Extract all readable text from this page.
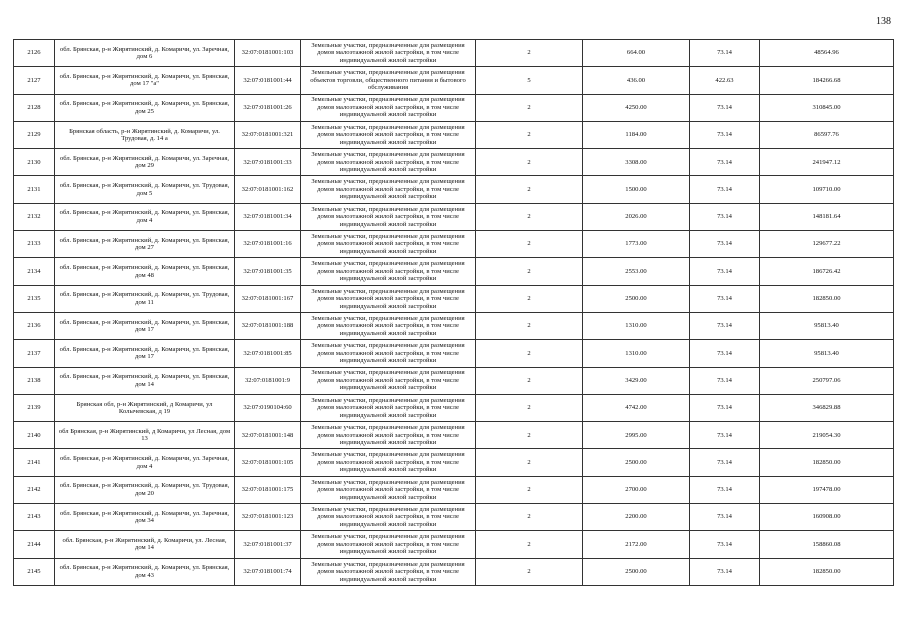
138
2126	обл. Брянская, р-н Жирятинский, д. Комаричи, ул. Заречная, дом 6	32:07:0181001:103	Земельные участки, предназначенные для размещения домов малоэтажной жилой застройки, в том числе индивидуальной жилой застройки	2	664.00	73.14	48564.96
2127	обл. Брянская, р-н Жирятинский, д. Комаричи, ул. Брянская, дом 17 "а"	32:07:0181001:44	Земельные участки, предназначенные для размещения объектов торговли, общественного питания и бытового обслуживания	5	436.00	422.63	184266.68
2128	обл. Брянская, р-н Жирятинский, д. Комаричи, ул. Брянская, дом 25	32:07:0181001:26	Земельные участки, предназначенные для размещения домов малоэтажной жилой застройки, в том числе индивидуальной жилой застройки	2	4250.00	73.14	310845.00
2129	Брянская область, р-н Жирятинский, д. Комаричи, ул. Трудовая, д. 14 а	32:07:0181001:321	Земельные участки, предназначенные для размещения домов малоэтажной жилой застройки, в том числе индивидуальной жилой застройки	2	1184.00	73.14	86597.76
2130	обл. Брянская, р-н Жирятинский, д. Комаричи, ул. Заречная, дом 29	32:07:0181001:33	Земельные участки, предназначенные для размещения домов малоэтажной жилой застройки, в том числе индивидуальной жилой застройки	2	3308.00	73.14	241947.12
2131	обл. Брянская, р-н Жирятинский, д. Комаричи, ул. Трудовая, дом 5	32:07:0181001:162	Земельные участки, предназначенные для размещения домов малоэтажной жилой застройки, в том числе индивидуальной жилой застройки	2	1500.00	73.14	109710.00
2132	обл. Брянская, р-н Жирятинский, д. Комаричи, ул. Брянская, дом 4	32:07:0181001:34	Земельные участки, предназначенные для размещения домов малоэтажной жилой застройки, в том числе индивидуальной жилой застройки	2	2026.00	73.14	148181.64
2133	обл. Брянская, р-н Жирятинский, д. Комаричи, ул. Брянская, дом 27	32:07:0181001:16	Земельные участки, предназначенные для размещения домов малоэтажной жилой застройки, в том числе индивидуальной жилой застройки	2	1773.00	73.14	129677.22
2134	обл. Брянская, р-н Жирятинский, д. Комаричи, ул. Брянская, дом 48	32:07:0181001:35	Земельные участки, предназначенные для размещения домов малоэтажной жилой застройки, в том числе индивидуальной жилой застройки	2	2553.00	73.14	186726.42
2135	обл. Брянская, р-н Жирятинский, д. Комаричи, ул. Трудовая, дом 11	32:07:0181001:167	Земельные участки, предназначенные для размещения домов малоэтажной жилой застройки, в том числе индивидуальной жилой застройки	2	2500.00	73.14	182850.00
2136	обл. Брянская, р-н Жирятинский, д. Комаричи, ул. Брянская, дом 17	32:07:0181001:188	Земельные участки, предназначенные для размещения домов малоэтажной жилой застройки, в том числе индивидуальной жилой застройки	2	1310.00	73.14	95813.40
2137	обл. Брянская, р-н Жирятинский, д. Комаричи, ул. Брянская, дом 17	32:07:0181001:85	Земельные участки, предназначенные для размещения домов малоэтажной жилой застройки, в том числе индивидуальной жилой застройки	2	1310.00	73.14	95813.40
2138	обл. Брянская, р-н Жирятинский, д. Комаричи, ул. Брянская, дом 14	32:07:0181001:9	Земельные участки, предназначенные для размещения домов малоэтажной жилой застройки, в том числе индивидуальной жилой застройки	2	3429.00	73.14	250797.06
2139	Брянская обл, р-н Жирятинский, д Комаричи, ул Колычевская, д 19	32:07:0190104:60	Земельные участки, предназначенные для размещения домов малоэтажной жилой застройки, в том числе индивидуальной жилой застройки	2	4742.00	73.14	346829.88
2140	обл Брянская, р-н Жирятинский, д Комаричи, ул Лесная, дом 13	32:07:0181001:148	Земельные участки, предназначенные для размещения домов малоэтажной жилой застройки, в том числе индивидуальной жилой застройки	2	2995.00	73.14	219054.30
2141	обл. Брянская, р-н Жирятинский, д. Комаричи, ул. Заречная, дом 4	32:07:0181001:105	Земельные участки, предназначенные для размещения домов малоэтажной жилой застройки, в том числе индивидуальной жилой застройки	2	2500.00	73.14	182850.00
2142	обл. Брянская, р-н Жирятинский, д. Комаричи, ул. Трудовая, дом 20	32:07:0181001:175	Земельные участки, предназначенные для размещения домов малоэтажной жилой застройки, в том числе индивидуальной жилой застройки	2	2700.00	73.14	197478.00
2143	обл. Брянская, р-н Жирятинский, д. Комаричи, ул. Заречная, дом 34	32:07:0181001:123	Земельные участки, предназначенные для размещения домов малоэтажной жилой застройки, в том числе индивидуальной жилой застройки	2	2200.00	73.14	160908.00
2144	обл. Брянская, р-н Жирятинский, д. Комаричи, ул. Лесная, дом 14	32:07:0181001:37	Земельные участки, предназначенные для размещения домов малоэтажной жилой застройки, в том числе индивидуальной жилой застройки	2	2172.00	73.14	158860.08
2145	обл. Брянская, р-н Жирятинский, д. Комаричи, ул. Брянская, дом 43	32:07:0181001:74	Земельные участки, предназначенные для размещения домов малоэтажной жилой застройки, в том числе индивидуальной жилой застройки	2	2500.00	73.14	182850.00
